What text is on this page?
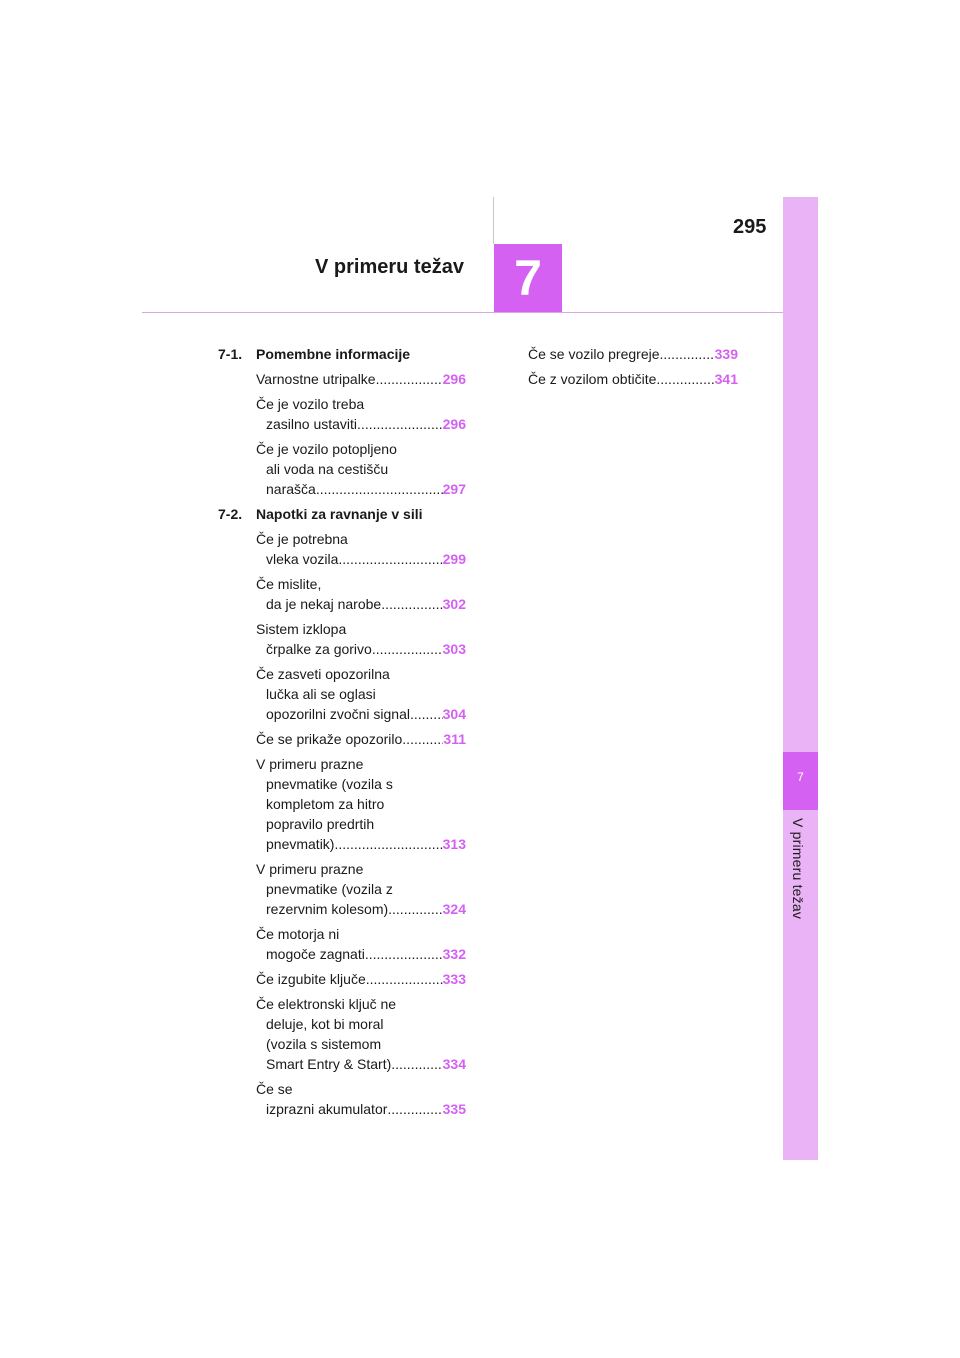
7
V primeru težav
295
V primeru težav	7
7-1. Pomembne informacije
Varnostne utripalke .....	296
Če je vozilo treba
zasilno ustaviti .....	296
Če je vozilo potopljeno
ali voda na cestišču
narašča .....	297
7-2. Napotki za ravnanje v sili
Če je potrebna
vleka vozila .....	299
Če mislite,
da je nekaj narobe .....	302
Sistem izklopa
črpalke za gorivo .....	303
Če zasveti opozorilna
lučka ali se oglasi
opozorilni zvočni signal ..... 304
Če se prikaže opozorilo .....	311
V primeru prazne
pnevmatike (vozila s
kompletom za hitro
popravilo predrtih
pnevmatik) .....	313
V primeru prazne
pnevmatike (vozila z
rezervnim kolesom) .....	324
Če motorja ni
mogoče zagnati .....	332
Če izgubite ključe .....	333
Če elektronski ključ ne
deluje, kot bi moral
(vozila s sistemom
Smart Entry & Start) .....	334
Če se
izprazni akumulator .....	335
Če se vozilo pregreje .....	339
Če z vozilom obtičite .....	341
